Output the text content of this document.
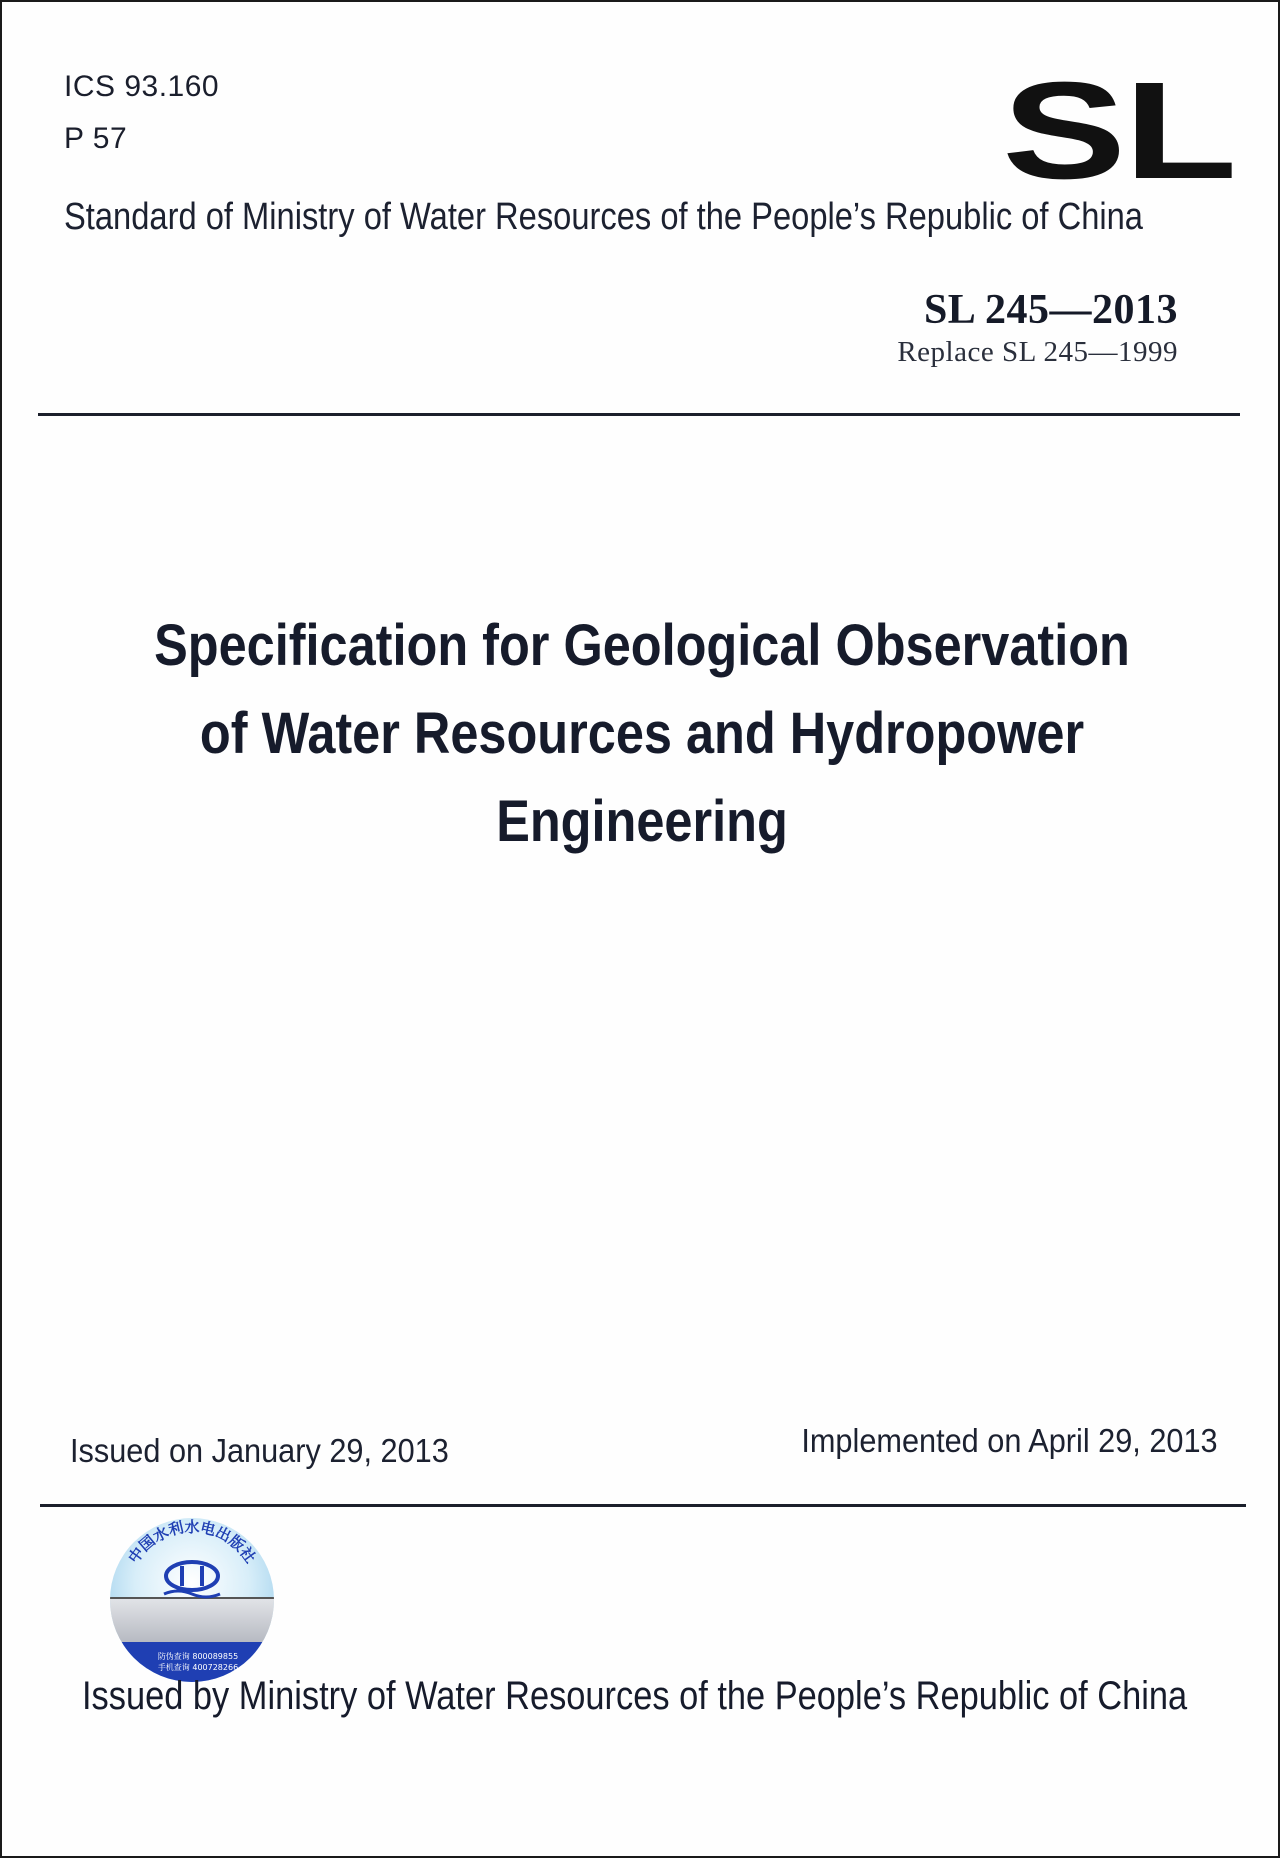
ICS 93.160
P 57	SL
Standard of Ministry of Water Resources of the People’s Republic of China
SL 245—2013
Replace SL 245—1999
Specification for Geological Observation
of Water Resources and Hydropower
Engineering
Issued on January 29, 2013	Implemented on April 29, 2013
中国水利水电出版社
防伪查询 800089855
手机查询 400728266
Issued by Ministry of Water Resources of the People’s Republic of China
